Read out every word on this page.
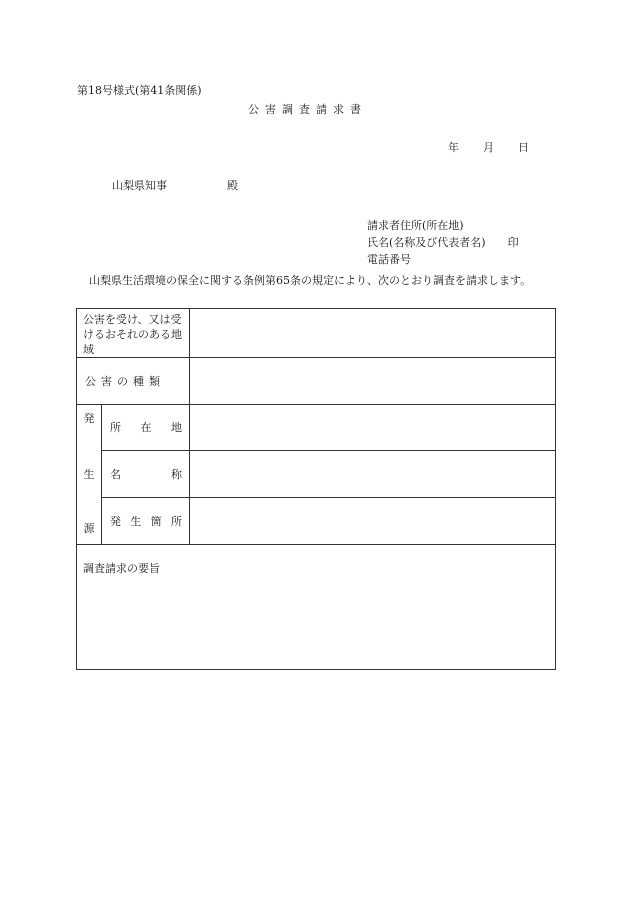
第18号様式(第41条関係)
公害調査請求書
年 月 日
山梨県知事	殿
請求者住所(所在地)
氏名(名称及び代表者名) 印
電話番号
山梨県生活環境の保全に関する条例第65条の規定により、次のとおり調査を請求します。
公害を受け、又は受けるおそれのある地域		
公害の種類		

発
生
源	所 在 地	

	名 称	

	発 生 箇 所	

調査請求の要旨		
